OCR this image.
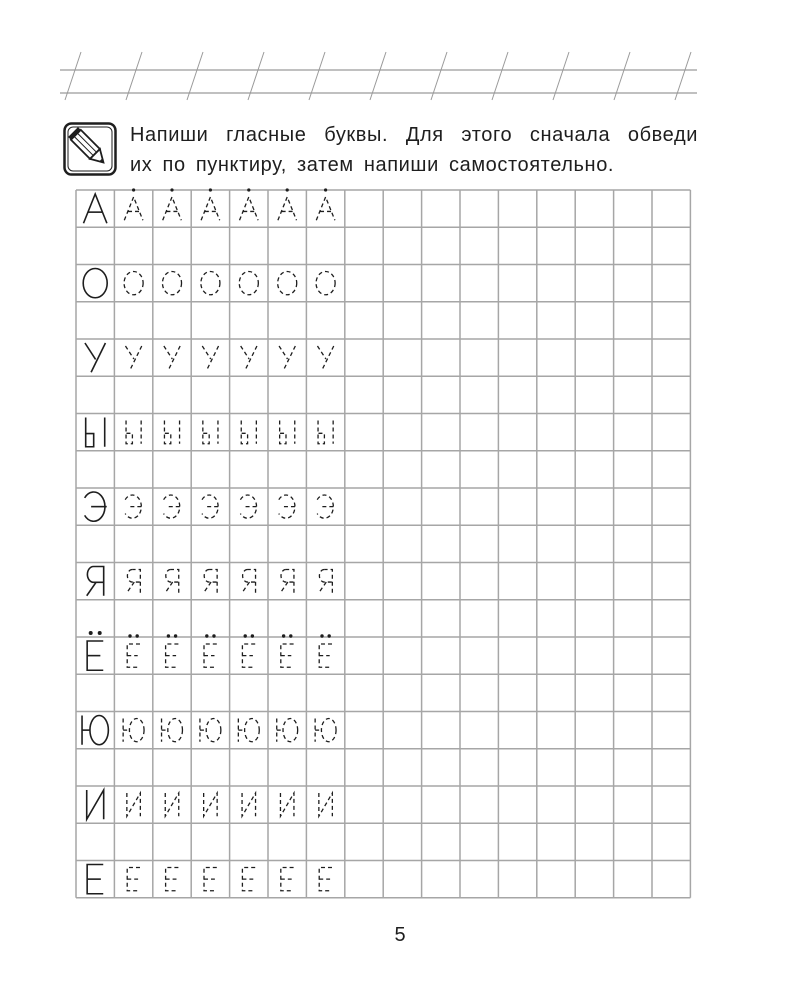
Напиши гласные буквы. Для этого сначала обведи
их по пунктиру, затем напиши самостоятельно.
5
